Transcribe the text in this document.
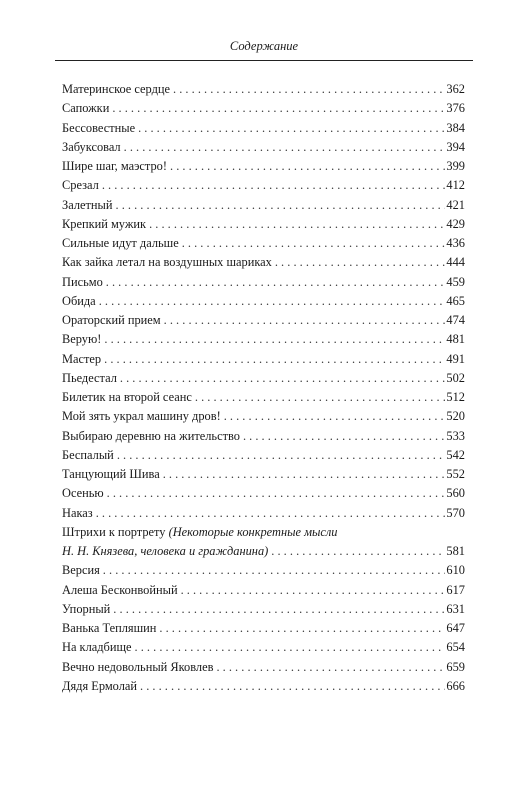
Содержание
Материнское сердце . . .	362
Сапожки . . .	376
Бессовестные . . .	384
Забуксовал . . .	394
Шире шаг, маэстро! . . .	399
Срезал . . .	412
Залетный . . .	421
Крепкий мужик . . .	429
Сильные идут дальше . . .	436
Как зайка летал на воздушных шариках . . .	444
Письмо . . .	459
Обида . . .	465
Ораторский прием . . .	474
Верую! . . .	481
Мастер . . .	491
Пьедестал . . .	502
Билетик на второй сеанс . . .	512
Мой зять украл машину дров! . . .	520
Выбираю деревню на жительство . . .	533
Беспалый . . .	542
Танцующий Шива . . .	552
Осенью . . .	560
Наказ . . .	570
Штрихи к портрету (Некоторые конкретные мысли
Н. Н. Князева, человека и гражданина) . . .	581
Версия . . .	610
Алеша Бесконвойный . . .	617
Упорный . . .	631
Ванька Тепляшин . . .	647
На кладбище . . .	654
Вечно недовольный Яковлев . . .	659
Дядя Ермолай . . .	666
